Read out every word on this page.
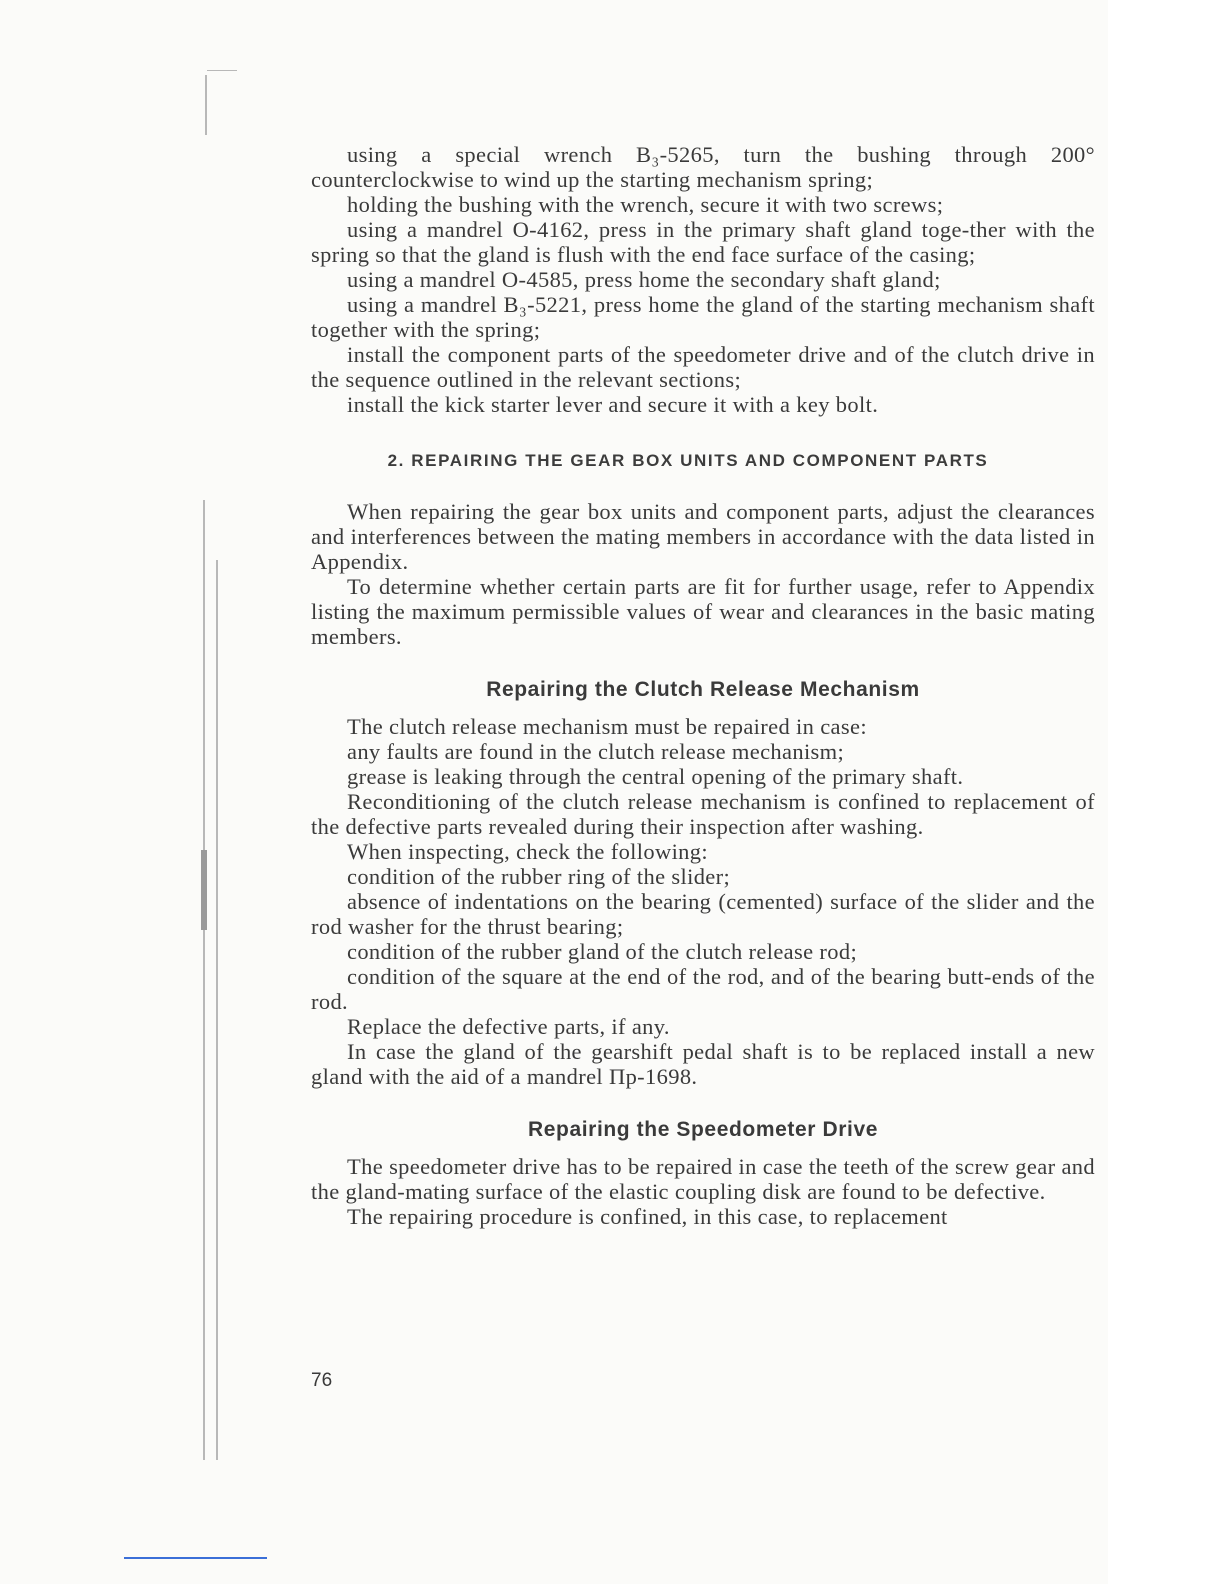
using a special wrench B₃-5265, turn the bushing through 200° counterclockwise to wind up the starting mechanism spring;

holding the bushing with the wrench, secure it with two screws;

using a mandrel O-4162, press in the primary shaft gland toge-ther with the spring so that the gland is flush with the end face surface of the casing;

using a mandrel O-4585, press home the secondary shaft gland;

using a mandrel B₃-5221, press home the gland of the starting mechanism shaft together with the spring;

install the component parts of the speedometer drive and of the clutch drive in the sequence outlined in the relevant sections;

install the kick starter lever and secure it with a key bolt.

2. REPAIRING THE GEAR BOX UNITS AND COMPONENT PARTS

When repairing the gear box units and component parts, adjust the clearances and interferences between the mating members in accordance with the data listed in Appendix.

To determine whether certain parts are fit for further usage, refer to Appendix listing the maximum permissible values of wear and clearances in the basic mating members.

Repairing the Clutch Release Mechanism

The clutch release mechanism must be repaired in case:

any faults are found in the clutch release mechanism;

grease is leaking through the central opening of the primary shaft.

Reconditioning of the clutch release mechanism is confined to replacement of the defective parts revealed during their inspection after washing.

When inspecting, check the following:

condition of the rubber ring of the slider;

absence of indentations on the bearing (cemented) surface of the slider and the rod washer for the thrust bearing;

condition of the rubber gland of the clutch release rod;

condition of the square at the end of the rod, and of the bearing butt-ends of the rod.

Replace the defective parts, if any.

In case the gland of the gearshift pedal shaft is to be replaced install a new gland with the aid of a mandrel Пр-1698.

Repairing the Speedometer Drive

The speedometer drive has to be repaired in case the teeth of the screw gear and the gland-mating surface of the elastic coupling disk are found to be defective.

The repairing procedure is confined, in this case, to replacement

76
